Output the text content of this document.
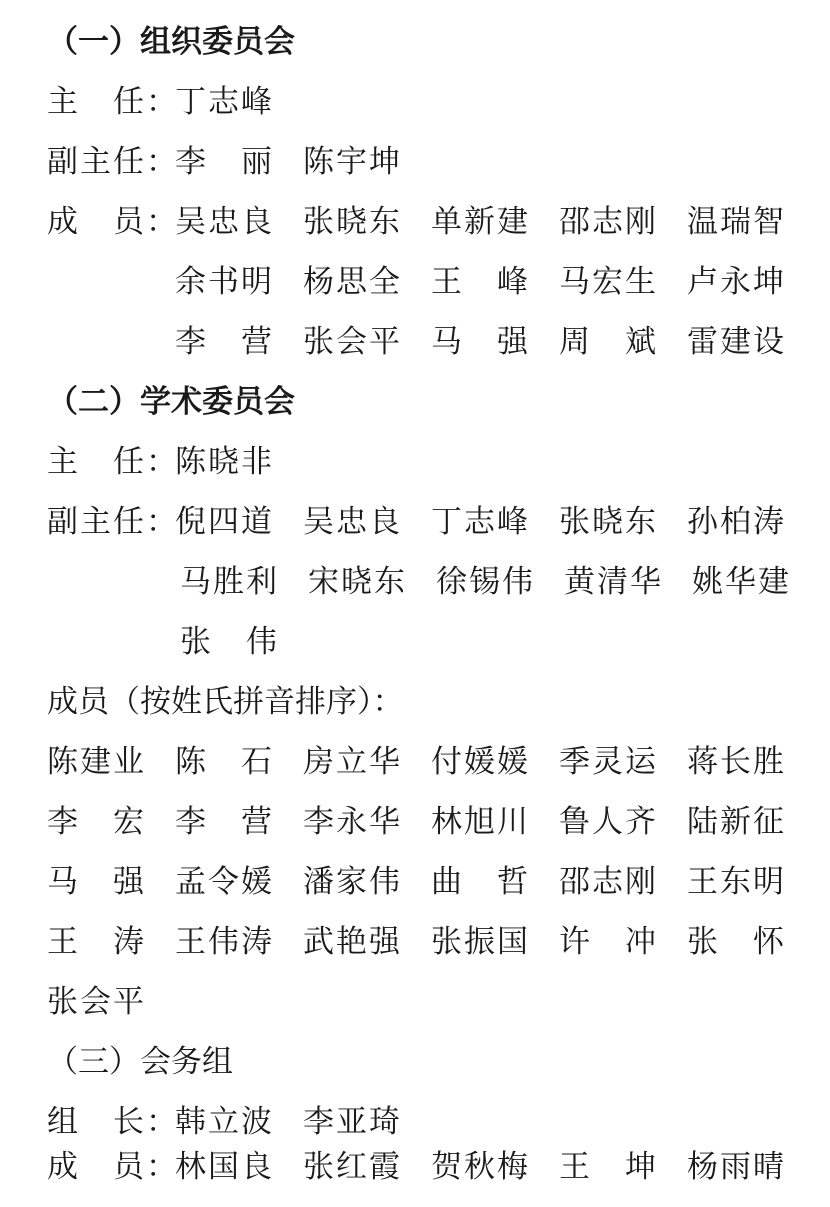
（一）组织委员会
主　任：
丁志峰
副主任：
李　丽 陈宇坤
成　员：
吴忠良 张晓东 单新建 邵志刚 温瑞智
余书明 杨思全 王　峰 马宏生 卢永坤
李　营 张会平 马　强 周　斌 雷建设
（二）学术委员会
主　任：
陈晓非
副主任：
倪四道 吴忠良 丁志峰 张晓东 孙柏涛
马胜利 宋晓东 徐锡伟 黄清华 姚华建
张　伟
成员（按姓氏拼音排序）：
陈建业 陈　石 房立华 付媛媛 季灵运 蒋长胜
李　宏 李　营 李永华 林旭川 鲁人齐 陆新征
马　强 孟令媛 潘家伟 曲　哲 邵志刚 王东明
王　涛 王伟涛 武艳强 张振国 许　冲 张　怀
张会平
（三）会务组
组　长：
韩立波 李亚琦
成　员：
林国良 张红霞 贺秋梅 王　坤 杨雨晴
